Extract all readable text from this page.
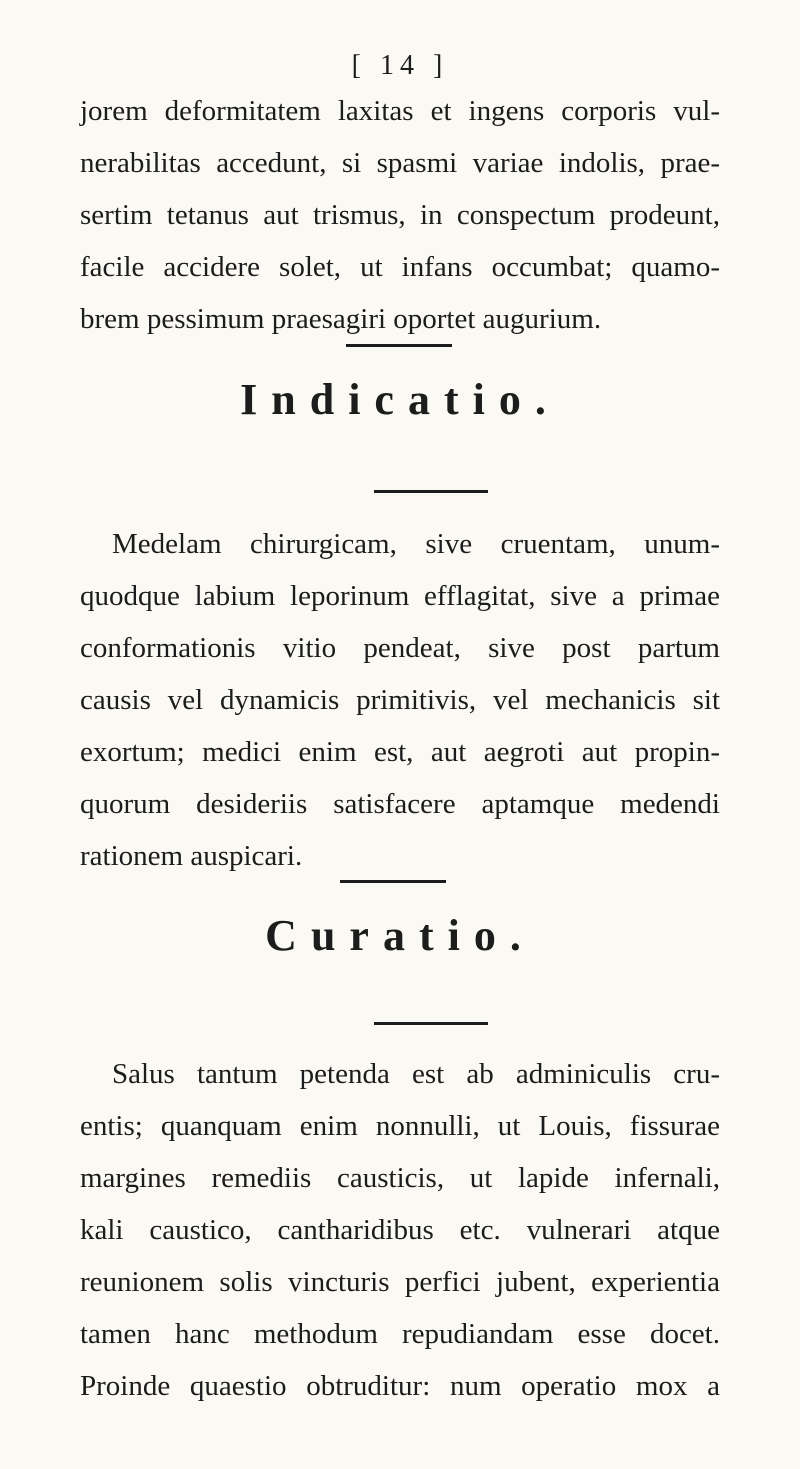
[ 14 ]
jorem deformitatem laxitas et ingens corporis vul-
nerabilitas accedunt, si spasmi variae indolis, prae-
sertim tetanus aut trismus, in conspectum prodeunt,
facile accidere solet, ut infans occumbat; quamo-
brem pessimum praesagiri oportet augurium.
Indicatio.
Medelam chirurgicam, sive cruentam, unum-
quodque labium leporinum efflagitat, sive a primae
conformationis vitio pendeat, sive post partum
causis vel dynamicis primitivis, vel mechanicis sit
exortum; medici enim est, aut aegroti aut propin-
quorum desideriis satisfacere aptamque medendi
rationem auspicari.
Curatio.
Salus tantum petenda est ab adminiculis cru-
entis; quanquam enim nonnulli, ut Louis, fissurae
margines remediis causticis, ut lapide infernali,
kali caustico, cantharidibus etc. vulnerari atque
reunionem solis vincturis perfici jubent, experientia
tamen hanc methodum repudiandam esse docet.
Proinde quaestio obtruditur: num operatio mox a
